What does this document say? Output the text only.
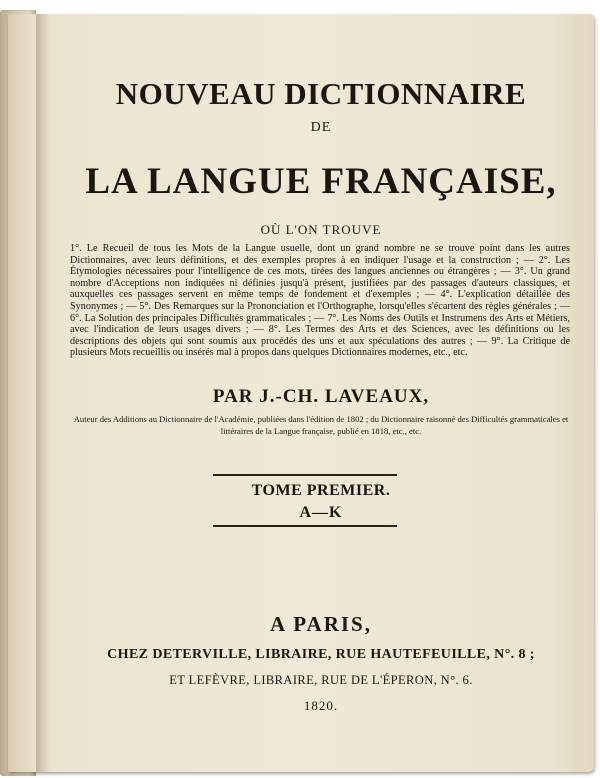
NOUVEAU DICTIONNAIRE
DE
LA LANGUE FRANÇAISE,
OÙ L'ON TROUVE
1°. Le Recueil de tous les Mots de la Langue usuelle, dont un grand nombre ne se trouve point dans les autres Dictionnaires, avec leurs définitions, et des exemples propres à en indiquer l'usage et la construction ; — 2°. Les Étymologies nécessaires pour l'intelligence de ces mots, tirées des langues anciennes ou étrangères ; — 3°. Un grand nombre d'Acceptions non indiquées ni définies jusqu'à présent, justifiées par des passages d'auteurs classiques, et auxquelles ces passages servent en même temps de fondement et d'exemples ; — 4°. L'explication détaillée des Synonymes ; — 5°. Des Remarques sur la Prononciation et l'Orthographe, lorsqu'elles s'écartent des règles générales ; — 6°. La Solution des principales Difficultés grammaticales ; — 7°. Les Noms des Outils et Instrumens des Arts et Métiers, avec l'indication de leurs usages divers ; — 8°. Les Termes des Arts et des Sciences, avec les définitions ou les descriptions des objets qui sont soumis aux procédés des uns et aux spéculations des autres ; — 9°. La Critique de plusieurs Mots recueillis ou insérés mal à propos dans quelques Dictionnaires modernes, etc., etc.
PAR J.-CH. LAVEAUX,
Auteur des Additions au Dictionnaire de l'Académie, publiées dans l'édition de 1802 ; du Dictionnaire raisonné des Difficultés grammaticales et littéraires de la Langue française, publié en 1818, etc., etc.
TOME PREMIER.
A—K
A PARIS,
CHEZ DETERVILLE, LIBRAIRE, RUE HAUTEFEUILLE, N°. 8 ;
ET LEFÈVRE, LIBRAIRE, RUE DE L'ÉPERON, N°. 6.
1820.
